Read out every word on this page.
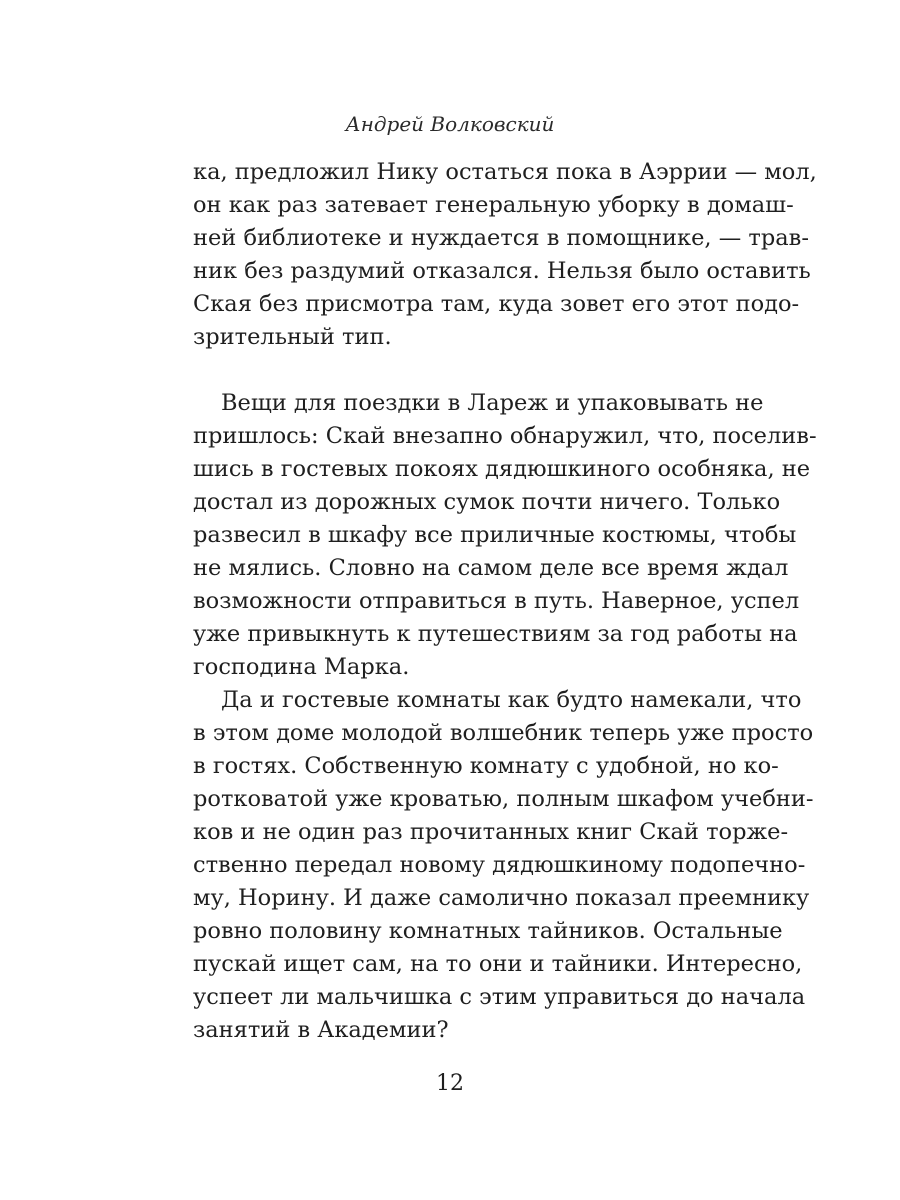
Андрей Волковский
ка, предложил Нику остаться пока в Аэррии — мол,
он как раз затевает генеральную уборку в домаш-
ней библиотеке и нуждается в помощнике, — трав-
ник без раздумий отказался. Нельзя было оставить
Ская без присмотра там, куда зовет его этот подо-
зрительный тип.
Вещи для поездки в Лареж и упаковывать не
пришлось: Скай внезапно обнаружил, что, поселив-
шись в гостевых покоях дядюшкиного особняка, не
достал из дорожных сумок почти ничего. Только
развесил в шкафу все приличные костюмы, чтобы
не мялись. Словно на самом деле все время ждал
возможности отправиться в путь. Наверное, успел
уже привыкнуть к путешествиям за год работы на
господина Марка.
Да и гостевые комнаты как будто намекали, что
в этом доме молодой волшебник теперь уже просто
в гостях. Собственную комнату с удобной, но ко-
ротковатой уже кроватью, полным шкафом учебни-
ков и не один раз прочитанных книг Скай торже-
ственно передал новому дядюшкиному подопечно-
му, Норину. И даже самолично показал преемнику
ровно половину комнатных тайников. Остальные
пускай ищет сам, на то они и тайники. Интересно,
успеет ли мальчишка с этим управиться до начала
занятий в Академии?
12
